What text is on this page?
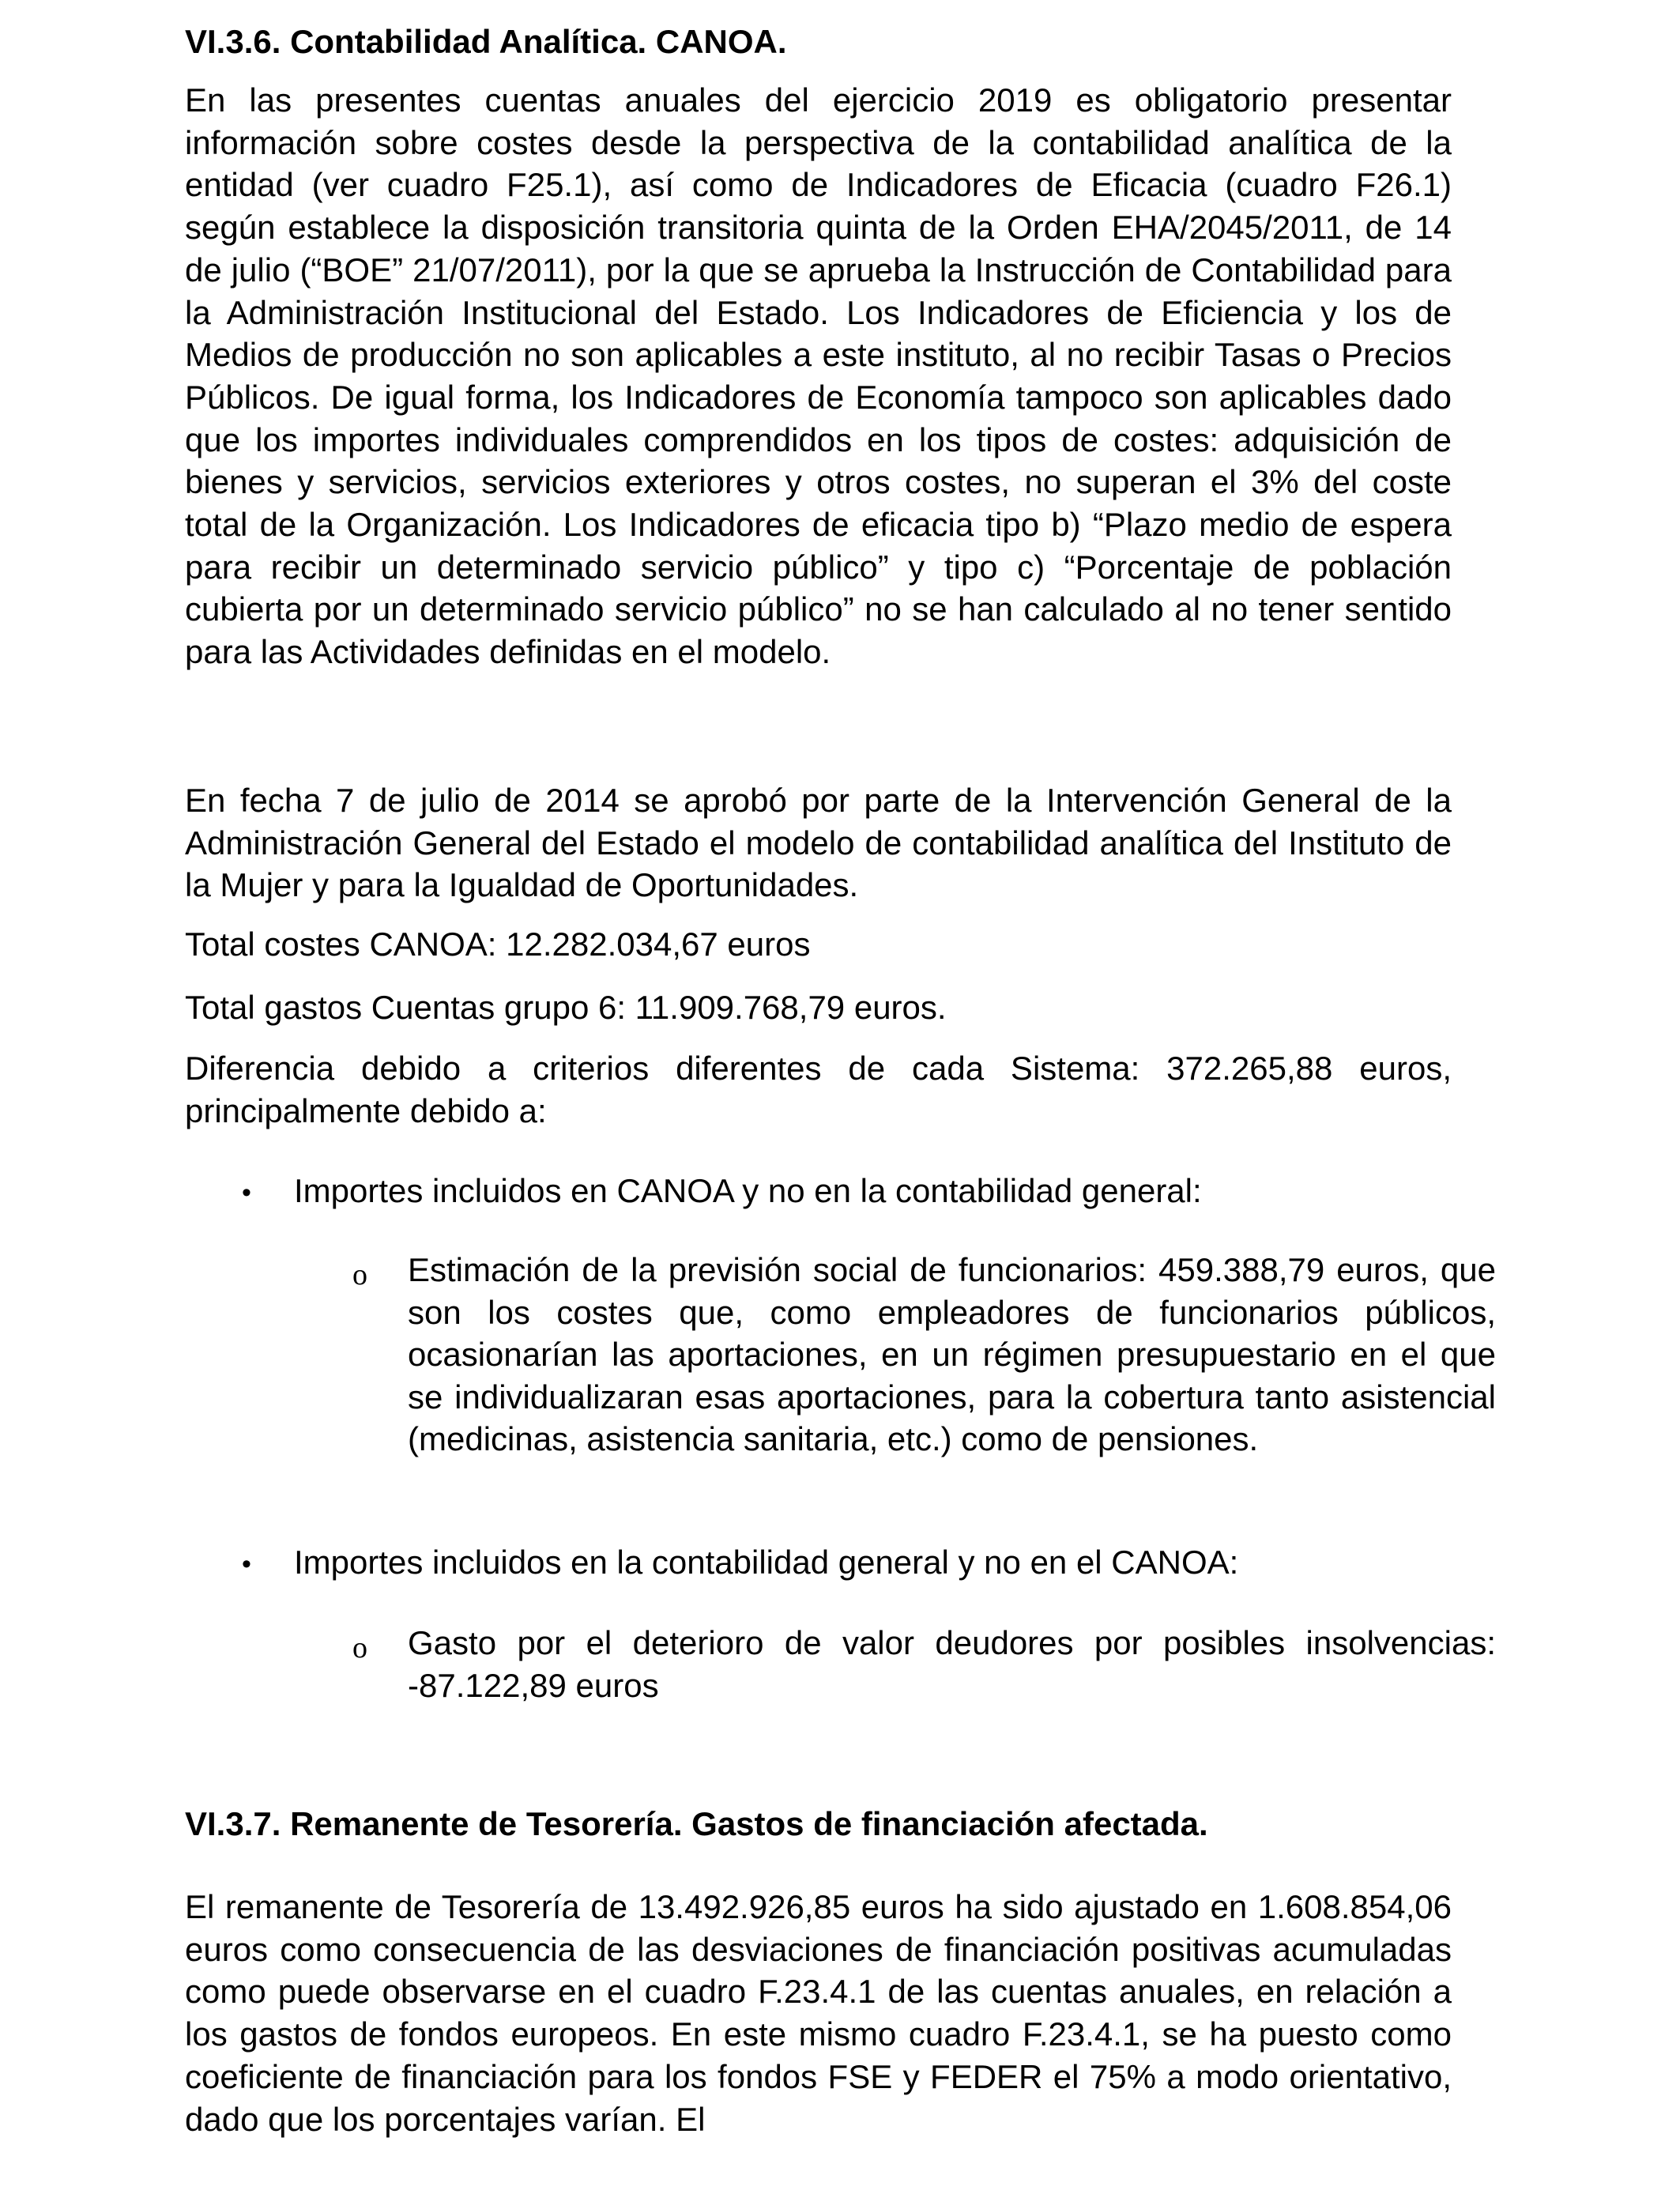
VI.3.6. Contabilidad Analítica. CANOA.

En las presentes cuentas anuales del ejercicio 2019 es obligatorio presentar información sobre costes desde la perspectiva de la contabilidad analítica de la entidad (ver cuadro F25.1), así como de Indicadores de Eficacia (cuadro F26.1) según establece la disposición transitoria quinta de la Orden EHA/2045/2011, de 14 de julio (“BOE” 21/07/2011), por la que se aprueba la Instrucción de Contabilidad para la Administración Institucional del Estado. Los Indicadores de Eficiencia y los de Medios de producción no son aplicables a este instituto, al no recibir Tasas o Precios Públicos. De igual forma, los Indicadores de Economía tampoco son aplicables dado que los importes individuales comprendidos en los tipos de costes: adquisición de bienes y servicios, servicios exteriores y otros costes, no superan el 3% del coste total de la Organización. Los Indicadores de eficacia tipo b) “Plazo medio de espera para recibir un determinado servicio público” y tipo c) “Porcentaje de población cubierta por un determinado servicio público” no se han calculado al no tener sentido para las Actividades definidas en el modelo.

En fecha 7 de julio de 2014 se aprobó por parte de la Intervención General de la Administración General del Estado el modelo de contabilidad analítica del Instituto de la Mujer y para la Igualdad de Oportunidades.

Total costes CANOA: 12.282.034,67 euros
Total gastos Cuentas grupo 6: 11.909.768,79 euros.

Diferencia debido a criterios diferentes de cada Sistema: 372.265,88 euros, principalmente debido a:

• Importes incluidos en CANOA y no en la contabilidad general:
o Estimación de la previsión social de funcionarios: 459.388,79 euros, que son los costes que, como empleadores de funcionarios públicos, ocasionarían las aportaciones, en un régimen presupuestario en el que se individualizaran esas aportaciones, para la cobertura tanto asistencial (medicinas, asistencia sanitaria, etc.) como de pensiones.

• Importes incluidos en la contabilidad general y no en el CANOA:
o Gasto por el deterioro de valor deudores por posibles insolvencias: -87.122,89 euros

VI.3.7. Remanente de Tesorería. Gastos de financiación afectada.

El remanente de Tesorería de 13.492.926,85 euros ha sido ajustado en 1.608.854,06 euros como consecuencia de las desviaciones de financiación positivas acumuladas como puede observarse en el cuadro F.23.4.1 de las cuentas anuales, en relación a los gastos de fondos europeos. En este mismo cuadro F.23.4.1, se ha puesto como coeficiente de financiación para los fondos FSE y FEDER el 75% a modo orientativo, dado que los porcentajes varían. El
